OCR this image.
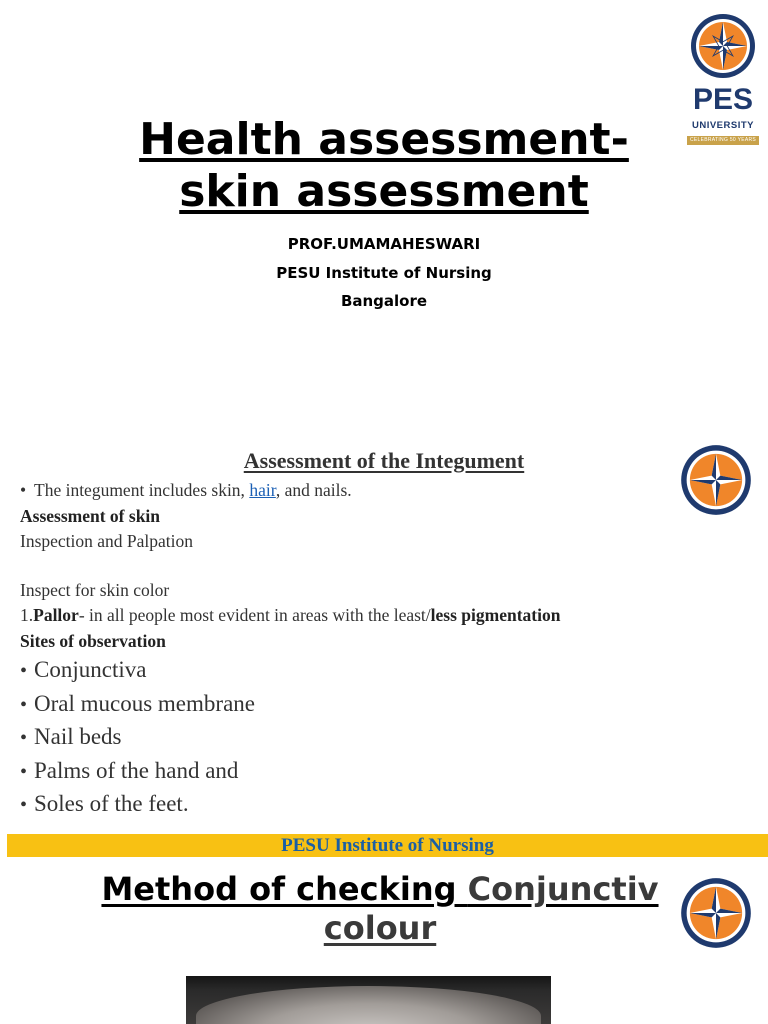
PES
UNIVERSITY
CELEBRATING 50 YEARS
Health assessment-
skin assessment
PROF.UMAMAHESWARI
PESU Institute of Nursing
Bangalore
Assessment of the Integument
• The integument includes skin, hair, and nails.
Assessment of skin
Inspection and Palpation
Inspect for skin color
1.Pallor- in all people most evident in areas with the least/less pigmentation
Sites of observation
• Conjunctiva
• Oral mucous membrane
• Nail beds
• Palms of the hand and
• Soles of the feet.
PESU Institute of Nursing
Method of checking Conjunctiv
colour
